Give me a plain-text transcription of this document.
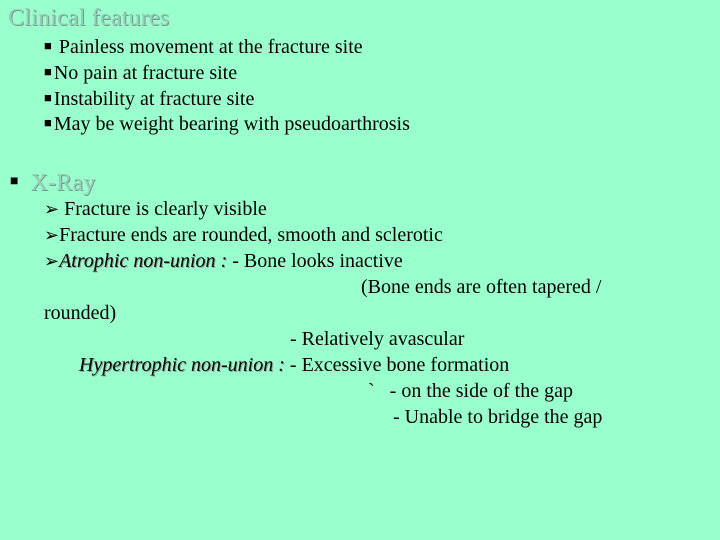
Clinical features
■ Painless movement at the fracture site
■ No pain at fracture site
■ Instability at fracture site
■ May be weight bearing with pseudoarthrosis
■ X-Ray
➢ Fracture is clearly visible
➢Fracture ends are rounded, smooth and sclerotic
➢Atrophic non-union : - Bone looks inactive
(Bone ends are often tapered /
rounded)
- Relatively avascular
Hypertrophic non-union : - Excessive bone formation
`   - on the side of the gap
- Unable to bridge the gap
